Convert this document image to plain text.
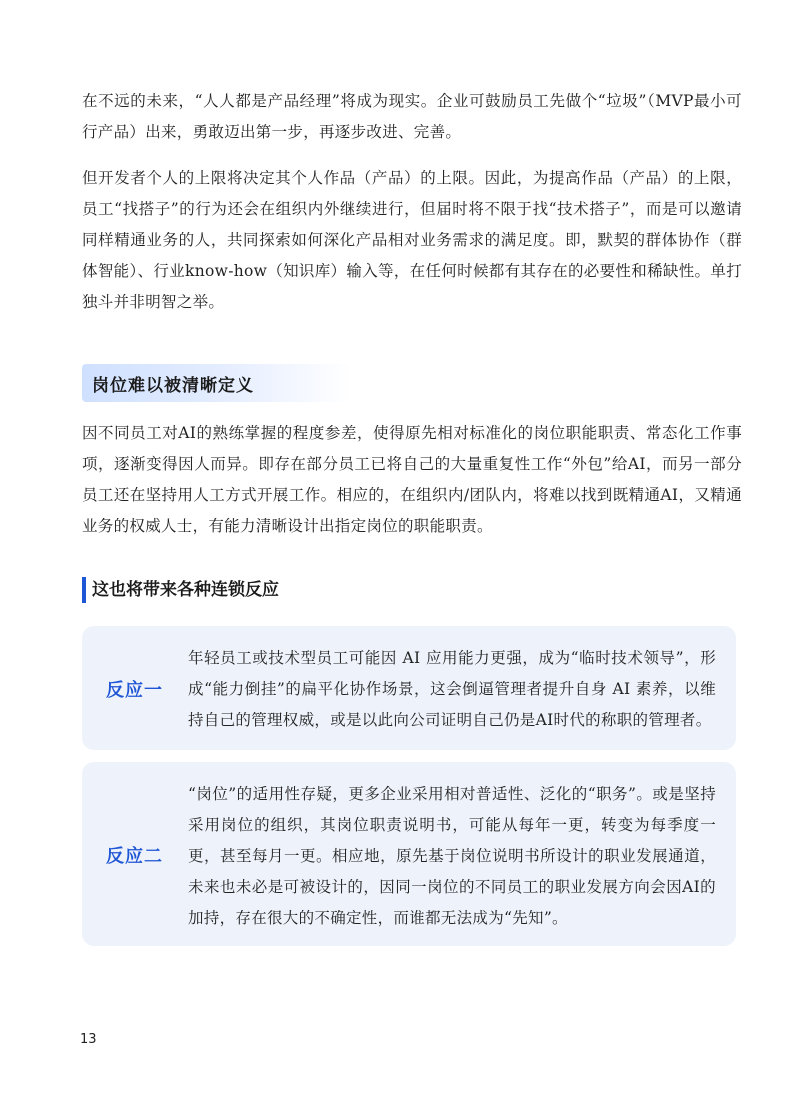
在不远的未来，“人人都是产品经理”将成为现实。企业可鼓励员工先做个“垃圾”（MVP最小可行产品）出来，勇敢迈出第一步，再逐步改进、完善。

但开发者个人的上限将决定其个人作品（产品）的上限。因此，为提高作品（产品）的上限，员工“找搭子”的行为还会在组织内外继续进行，但届时将不限于找“技术搭子”，而是可以邀请同样精通业务的人，共同探索如何深化产品相对业务需求的满足度。即，默契的群体协作（群体智能）、行业know-how（知识库）输入等，在任何时候都有其存在的必要性和稀缺性。单打独斗并非明智之举。

岗位难以被清晰定义

因不同员工对AI的熟练掌握的程度参差，使得原先相对标准化的岗位职能职责、常态化工作事项，逐渐变得因人而异。即存在部分员工已将自己的大量重复性工作“外包”给AI，而另一部分员工还在坚持用人工方式开展工作。相应的，在组织内/团队内，将难以找到既精通AI，又精通业务的权威人士，有能力清晰设计出指定岗位的职能职责。

这也将带来各种连锁反应
反应一

年轻员工或技术型员工可能因 AI 应用能力更强，成为“临时技术领导”，形成“能力倒挂”的扁平化协作场景，这会倒逼管理者提升自身 AI 素养，以维持自己的管理权威，或是以此向公司证明自己仍是AI时代的称职的管理者。

反应二

“岗位”的适用性存疑，更多企业采用相对普适性、泛化的“职务”。或是坚持采用岗位的组织，其岗位职责说明书，可能从每年一更，转变为每季度一更，甚至每月一更。相应地，原先基于岗位说明书所设计的职业发展通道，未来也未必是可被设计的，因同一岗位的不同员工的职业发展方向会因AI的加持，存在很大的不确定性，而谁都无法成为“先知”。

13
